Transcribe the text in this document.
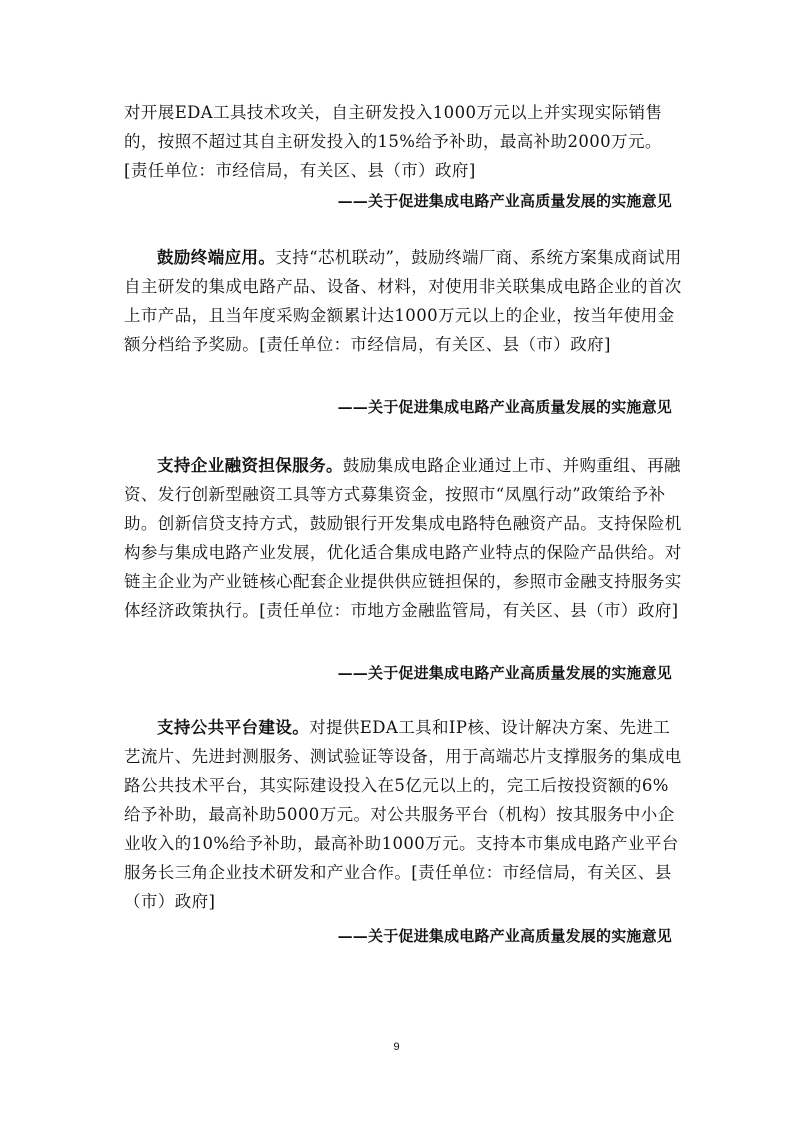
对开展EDA工具技术攻关，自主研发投入1000万元以上并实现实际销售的，按照不超过其自主研发投入的15%给予补助，最高补助2000万元。[责任单位：市经信局，有关区、县（市）政府]

——关于促进集成电路产业高质量发展的实施意见

鼓励终端应用。支持“芯机联动”，鼓励终端厂商、系统方案集成商试用自主研发的集成电路产品、设备、材料，对使用非关联集成电路企业的首次上市产品，且当年度采购金额累计达1000万元以上的企业，按当年使用金额分档给予奖励。[责任单位：市经信局，有关区、县（市）政府]

——关于促进集成电路产业高质量发展的实施意见

支持企业融资担保服务。鼓励集成电路企业通过上市、并购重组、再融资、发行创新型融资工具等方式募集资金，按照市“凤凰行动”政策给予补助。创新信贷支持方式，鼓励银行开发集成电路特色融资产品。支持保险机构参与集成电路产业发展，优化适合集成电路产业特点的保险产品供给。对链主企业为产业链核心配套企业提供供应链担保的，参照市金融支持服务实体经济政策执行。[责任单位：市地方金融监管局，有关区、县（市）政府]

——关于促进集成电路产业高质量发展的实施意见

支持公共平台建设。对提供EDA工具和IP核、设计解决方案、先进工艺流片、先进封测服务、测试验证等设备，用于高端芯片支撑服务的集成电路公共技术平台，其实际建设投入在5亿元以上的，完工后按投资额的6%给予补助，最高补助5000万元。对公共服务平台（机构）按其服务中小企业收入的10%给予补助，最高补助1000万元。支持本市集成电路产业平台服务长三角企业技术研发和产业合作。[责任单位：市经信局，有关区、县（市）政府]

——关于促进集成电路产业高质量发展的实施意见

9
